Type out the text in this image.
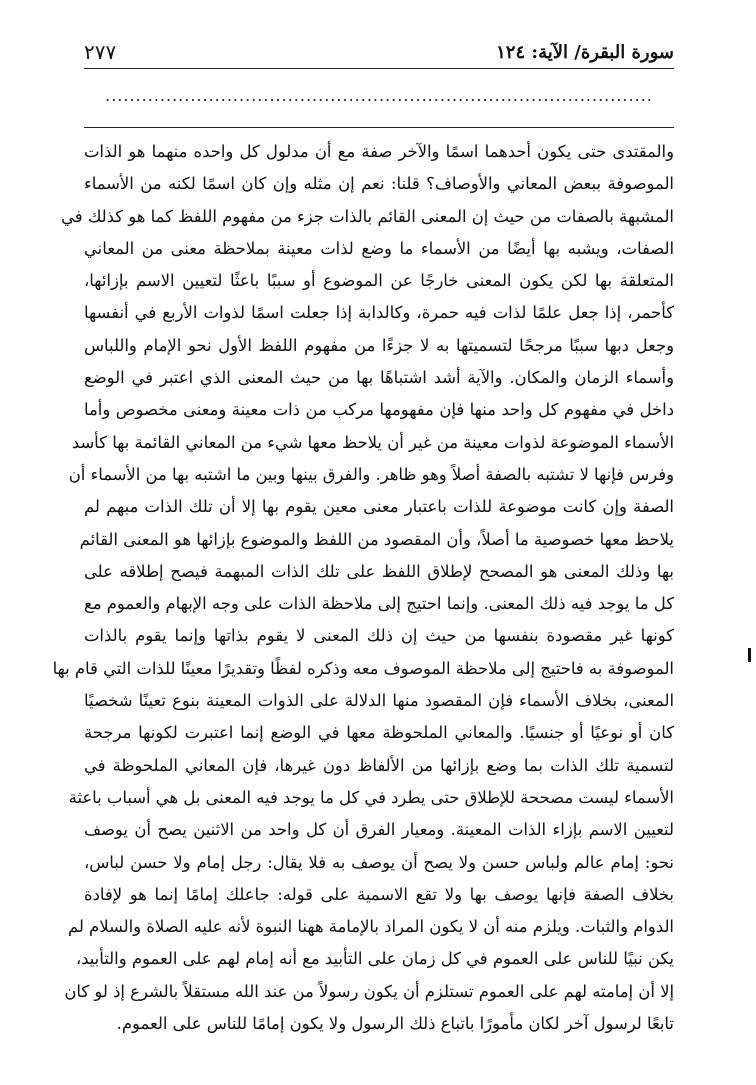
سورة البقرة/ الآية: ١٢٤
٢٧٧
..........................................................................................
والمقتدى حتى يكون أحدهما اسمًا والآخر صفة مع أن مدلول كل واحده منهما هو الذات
الموصوفة ببعض المعاني والأوصاف؟ قلنا: نعم إن مثله وإن كان اسمًا لكنه من الأسماء
المشبهة بالصفات من حيث إن المعنى القائم بالذات جزء من مفهوم اللفظ كما هو كذلك في
الصفات، ويشبه بها أيضًا من الأسماء ما وضع لذات معينة بملاحظة معنى من المعاني
المتعلقة بها لكن يكون المعنى خارجًا عن الموضوع أو سببًا باعثًا لتعيين الاسم بإزائها،
كأحمر، إذا جعل علمًا لذات فيه حمرة، وكالدابة إذا جعلت اسمًا لذوات الأربع في أنفسها
وجعل دبها سببًا مرجحًا لتسميتها به لا جزءًا من مفهوم اللفظ الأول نحو الإمام واللباس
وأسماء الزمان والمكان. والآية أشد اشتباهًا بها من حيث المعنى الذي اعتبر في الوضع
داخل في مفهوم كل واحد منها فإن مفهومها مركب من ذات معينة ومعنى مخصوص وأما
الأسماء الموضوعة لذوات معينة من غير أن يلاحظ معها شيء من المعاني القائمة بها كأسد
وفرس فإنها لا تشتبه بالصفة أصلاً وهو ظاهر. والفرق بينها وبين ما اشتبه بها من الأسماء أن
الصفة وإن كانت موضوعة للذات باعتبار معنى معين يقوم بها إلا أن تلك الذات مبهم لم
يلاحظ معها خصوصية ما أصلاً، وأن المقصود من اللفظ والموضوع بإزائها هو المعنى القائم
بها وذلك المعنى هو المصحح لإطلاق اللفظ على تلك الذات المبهمة فيصح إطلاقه على
كل ما يوجد فيه ذلك المعنى. وإنما احتيج إلى ملاحظة الذات على وجه الإبهام والعموم مع
كونها غير مقصودة بنفسها من حيث إن ذلك المعنى لا يقوم بذاتها وإنما يقوم بالذات
الموصوفة به فاحتيج إلى ملاحظة الموصوف معه وذكره لفظًا وتقديرًا معينًا للذات التي قام بها
المعنى، بخلاف الأسماء فإن المقصود منها الدلالة على الذوات المعينة بنوع تعينًا شخصيًا
كان أو نوعيًا أو جنسيًا. والمعاني الملحوظة معها في الوضع إنما اعتبرت لكونها مرجحة
لتسمية تلك الذات بما وضع بإزائها من الألفاظ دون غيرها، فإن المعاني الملحوظة في
الأسماء ليست مصححة للإطلاق حتى يطرد في كل ما يوجد فيه المعنى بل هي أسباب باعثة
لتعيين الاسم بإزاء الذات المعينة. ومعيار الفرق أن كل واحد من الاثنين يصح أن يوصف
نحو: إمام عالم ولباس حسن ولا يصح أن يوصف به فلا يقال: رجل إمام ولا حسن لباس،
بخلاف الصفة فإنها يوصف بها ولا تقع الاسمية على قوله: جاعلك إمامًا إنما هو لإفادة
الدوام والثبات. ويلزم منه أن لا يكون المراد بالإمامة ههنا النبوة لأنه عليه الصلاة والسلام لم
يكن نبيًا للناس على العموم في كل زمان على التأبيد مع أنه إمام لهم على العموم والتأبيد،
إلا أن إمامته لهم على العموم تستلزم أن يكون رسولاً من عند الله مستقلاً بالشرع إذ لو كان
تابعًا لرسول آخر لكان مأمورًا باتباع ذلك الرسول ولا يكون إمامًا للناس على العموم.
